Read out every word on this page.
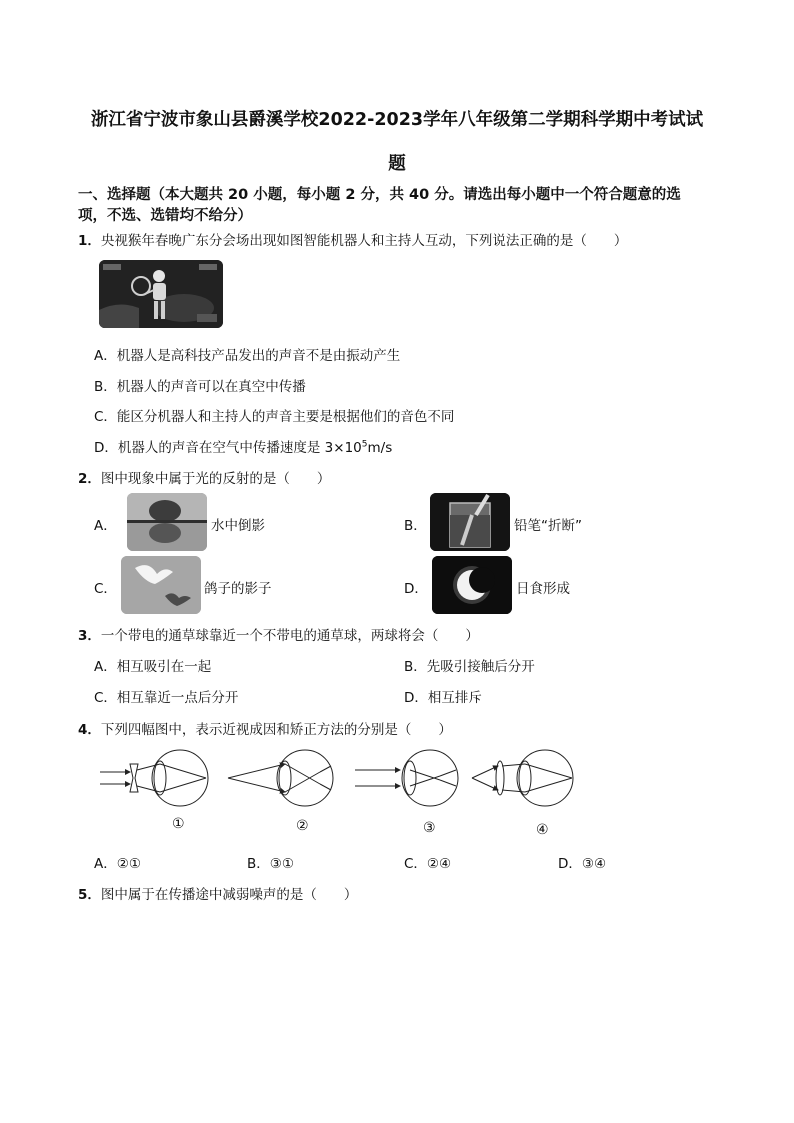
浙江省宁波市象山县爵溪学校2022-2023学年八年级第二学期科学期中考试试
题
一、选择题（本大题共 20 小题，每小题 2 分，共 40 分。请选出每小题中一个符合题意的选
项，不选、选错均不给分）
1．央视猴年春晚广东分会场出现如图智能机器人和主持人互动，下列说法正确的是（　　）
A．机器人是高科技产品发出的声音不是由振动产生
B．机器人的声音可以在真空中传播
C．能区分机器人和主持人的声音主要是根据他们的音色不同
D．机器人的声音在空气中传播速度是 $3\times 10^5m/s$
2．图中现象中属于光的反射的是（　　）
A．	水中倒影	B．	铅笔“折断”
C．	鸽子的影子	D．	日食形成
3．一个带电的通草球靠近一个不带电的通草球，两球将会（　　）
A．相互吸引在一起	B．先吸引接触后分开
C．相互靠近一点后分开	D．相互排斥
4．下列四幅图中，表示近视成因和矫正方法的分别是（　　）
①	②	③	④
A．②①	B．③①	C．②④	D．③④
5．图中属于在传播途中减弱噪声的是（　　）
